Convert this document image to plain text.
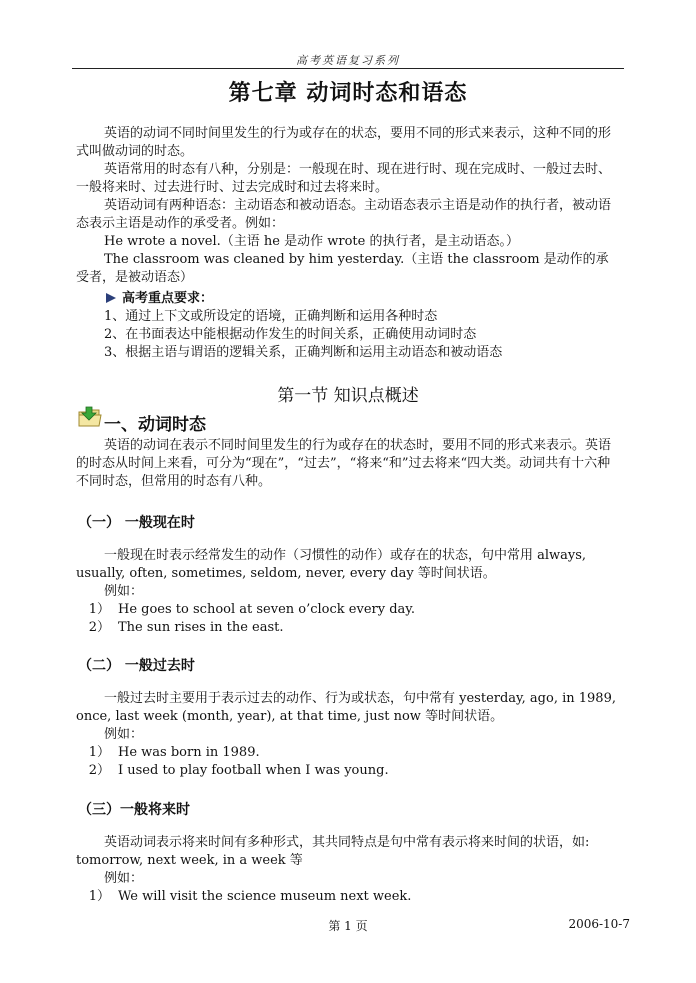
高考英语复习系列
第七章 动词时态和语态

英语的动词不同时间里发生的行为或存在的状态，要用不同的形式来表示，这种不同的形式叫做动词的时态。

英语常用的时态有八种，分别是：一般现在时、现在进行时、现在完成时、一般过去时、一般将来时、过去进行时、过去完成时和过去将来时。

英语动词有两种语态：主动语态和被动语态。主动语态表示主语是动作的执行者，被动语态表示主语是动作的承受者。例如：

He wrote a novel.（主语 he 是动作 wrote 的执行者，是主动语态。）

The classroom was cleaned by him yesterday.（主语 the classroom 是动作的承受者，是被动语态）

高考重点要求：

1、通过上下文或所设定的语境，正确判断和运用各种时态

2、在书面表达中能根据动作发生的时间关系，正确使用动词时态

3、根据主语与谓语的逻辑关系，正确判断和运用主动语态和被动语态

第一节 知识点概述
一、动词时态

英语的动词在表示不同时间里发生的行为或存在的状态时，要用不同的形式来表示。英语的时态从时间上来看，可分为“现在”，“过去”，“将来“和”过去将来“四大类。动词共有十六种不同时态，但常用的时态有八种。

（一） 一般现在时

一般现在时表示经常发生的动作（习惯性的动作）或存在的状态，句中常用 always, usually, often, sometimes, seldom, never, every day 等时间状语。

例如：

1） He goes to school at seven o’clock every day.

2） The sun rises in the east.

（二） 一般过去时

一般过去时主要用于表示过去的动作、行为或状态，句中常有 yesterday, ago, in 1989, once, last week (month, year), at that time, just now 等时间状语。

例如：

1） He was born in 1989.

2） I used to play football when I was young.

（三）一般将来时

英语动词表示将来时间有多种形式，其共同特点是句中常有表示将来时间的状语，如: tomorrow, next week, in a week 等

例如：

1） We will visit the science museum next week.

第 1 页	2006-10-7
